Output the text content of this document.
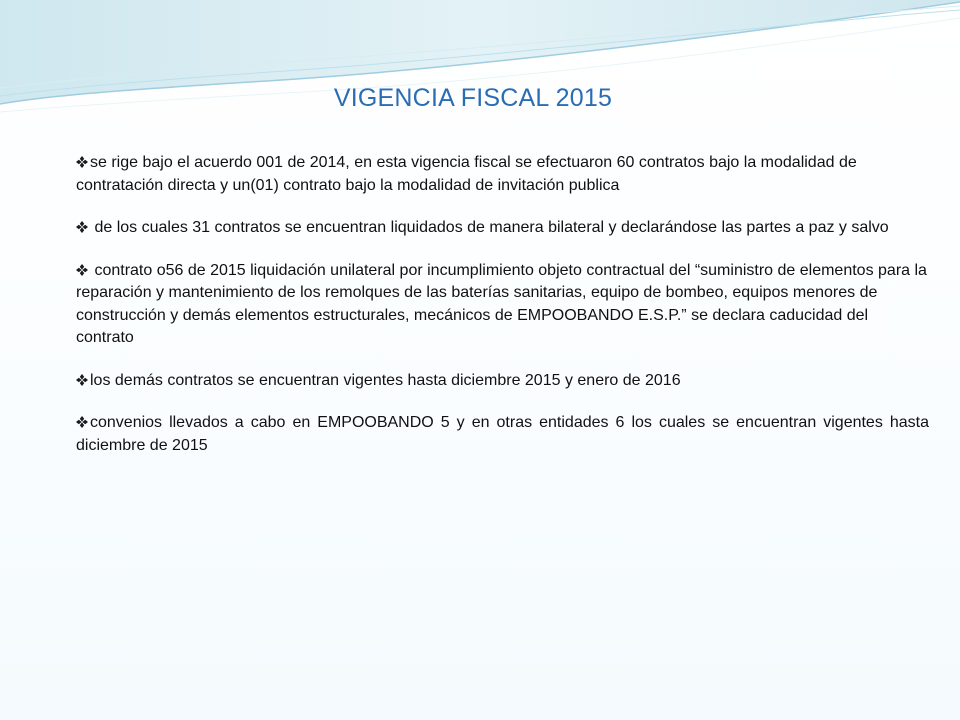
VIGENCIA FISCAL 2015
se rige bajo el acuerdo 001 de 2014, en esta vigencia fiscal se efectuaron 60 contratos bajo la modalidad de contratación directa y un(01) contrato bajo la modalidad de invitación publica
de los cuales 31 contratos se encuentran liquidados de manera bilateral y declarándose las partes a paz y salvo
contrato o56 de 2015 liquidación unilateral por incumplimiento objeto contractual del “suministro de elementos para la reparación y mantenimiento de los remolques de las baterías sanitarias, equipo de bombeo, equipos menores de construcción y demás elementos estructurales, mecánicos de EMPOOBANDO E.S.P.” se declara caducidad del contrato
los demás contratos se encuentran vigentes hasta diciembre 2015 y enero de 2016
convenios llevados a cabo en EMPOOBANDO 5 y en otras entidades 6 los cuales se encuentran vigentes hasta diciembre de 2015
